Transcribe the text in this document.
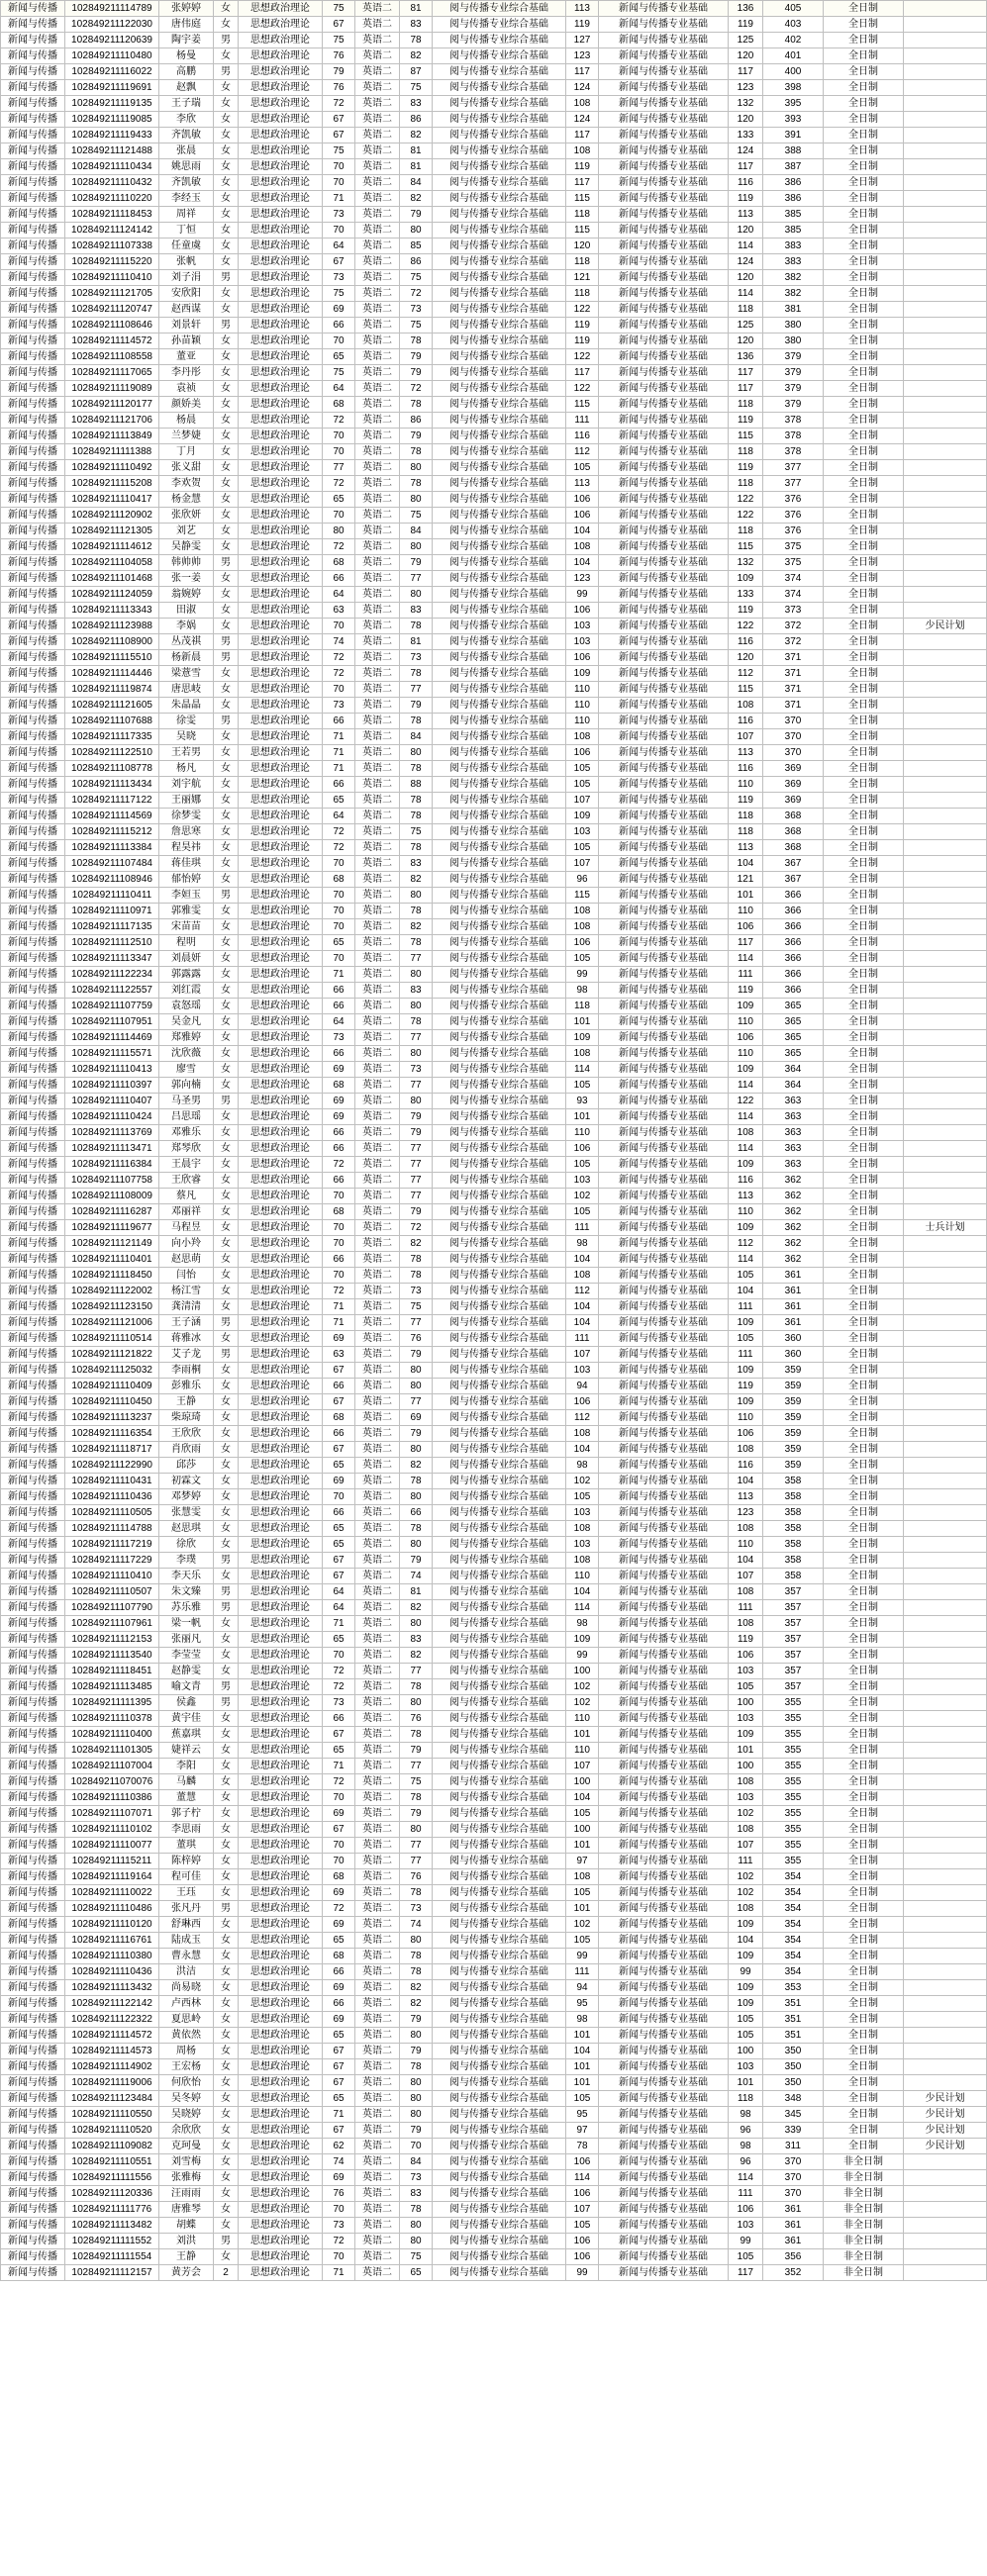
新闻与传播	102849211114789	张婷婷	女	思想政治理论	75	英语二	81	阅与传播专业综合基础	113	新闻与传播专业基础	136	405	全日制	
新闻与传播	102849211122030	唐伟庭	女	思想政治理论	67	英语二	83	阅与传播专业综合基础	119	新闻与传播专业基础	119	403	全日制	
新闻与传播	102849211120639	陶宇姜	男	思想政治理论	75	英语二	78	阅与传播专业综合基础	127	新闻与传播专业基础	125	402	全日制	
新闻与传播	102849211110480	杨曼	女	思想政治理论	76	英语二	82	阅与传播专业综合基础	123	新闻与传播专业基础	120	401	全日制	
新闻与传播	102849211116022	高鹏	男	思想政治理论	79	英语二	87	阅与传播专业综合基础	117	新闻与传播专业基础	117	400	全日制	
新闻与传播	102849211119691	赵飘	女	思想政治理论	76	英语二	75	阅与传播专业综合基础	124	新闻与传播专业基础	123	398	全日制	
新闻与传播	102849211119135	王子瑞	女	思想政治理论	72	英语二	83	阅与传播专业综合基础	108	新闻与传播专业基础	132	395	全日制	
新闻与传播	102849211119085	李欣	女	思想政治理论	67	英语二	86	阅与传播专业综合基础	124	新闻与传播专业基础	120	393	全日制	
新闻与传播	102849211119433	齐凯敏	女	思想政治理论	67	英语二	82	阅与传播专业综合基础	117	新闻与传播专业基础	133	391	全日制	
新闻与传播	102849211121488	张晨	女	思想政治理论	75	英语二	81	阅与传播专业综合基础	108	新闻与传播专业基础	124	388	全日制	
新闻与传播	102849211110434	姚思雨	女	思想政治理论	70	英语二	81	阅与传播专业综合基础	119	新闻与传播专业基础	117	387	全日制	
新闻与传播	102849211110432	齐凯敏	女	思想政治理论	70	英语二	84	阅与传播专业综合基础	117	新闻与传播专业基础	116	386	全日制	
新闻与传播	102849211110220	李经玉	女	思想政治理论	71	英语二	82	阅与传播专业综合基础	115	新闻与传播专业基础	119	386	全日制	
新闻与传播	102849211118453	周祥	女	思想政治理论	73	英语二	79	阅与传播专业综合基础	118	新闻与传播专业基础	113	385	全日制	
新闻与传播	102849211124142	丁恒	女	思想政治理论	70	英语二	80	阅与传播专业综合基础	115	新闻与传播专业基础	120	385	全日制	
新闻与传播	102849211107338	任童虞	女	思想政治理论	64	英语二	85	阅与传播专业综合基础	120	新闻与传播专业基础	114	383	全日制	
新闻与传播	102849211115220	张帆	女	思想政治理论	67	英语二	86	阅与传播专业综合基础	118	新闻与传播专业基础	124	383	全日制	
新闻与传播	102849211110410	刘子涓	男	思想政治理论	73	英语二	75	阅与传播专业综合基础	121	新闻与传播专业基础	120	382	全日制	
新闻与传播	102849211121705	安欣阳	女	思想政治理论	75	英语二	72	阅与传播专业综合基础	118	新闻与传播专业基础	114	382	全日制	
新闻与传播	102849211120747	赵西谋	女	思想政治理论	69	英语二	73	阅与传播专业综合基础	122	新闻与传播专业基础	118	381	全日制	
新闻与传播	102849211108646	刘景轩	男	思想政治理论	66	英语二	75	阅与传播专业综合基础	119	新闻与传播专业基础	125	380	全日制	
新闻与传播	102849211114572	孙苗颖	女	思想政治理论	70	英语二	78	阅与传播专业综合基础	119	新闻与传播专业基础	120	380	全日制	
新闻与传播	102849211108558	董亚	女	思想政治理论	65	英语二	79	阅与传播专业综合基础	122	新闻与传播专业基础	136	379	全日制	
新闻与传播	102849211117065	李丹彤	女	思想政治理论	75	英语二	79	阅与传播专业综合基础	117	新闻与传播专业基础	117	379	全日制	
新闻与传播	102849211119089	袁祯	女	思想政治理论	64	英语二	72	阅与传播专业综合基础	122	新闻与传播专业基础	117	379	全日制	
新闻与传播	102849211120177	颜娇美	女	思想政治理论	68	英语二	78	阅与传播专业综合基础	115	新闻与传播专业基础	118	379	全日制	
新闻与传播	102849211121706	杨晨	女	思想政治理论	72	英语二	86	阅与传播专业综合基础	111	新闻与传播专业基础	119	378	全日制	
新闻与传播	102849211113849	兰梦婕	女	思想政治理论	70	英语二	79	阅与传播专业综合基础	116	新闻与传播专业基础	115	378	全日制	
新闻与传播	102849211111388	丁月	女	思想政治理论	70	英语二	78	阅与传播专业综合基础	112	新闻与传播专业基础	118	378	全日制	
新闻与传播	102849211110492	张义甜	女	思想政治理论	77	英语二	80	阅与传播专业综合基础	105	新闻与传播专业基础	119	377	全日制	
新闻与传播	102849211115208	李欢贺	女	思想政治理论	72	英语二	78	阅与传播专业综合基础	113	新闻与传播专业基础	118	377	全日制	
新闻与传播	102849211110417	杨金慧	女	思想政治理论	65	英语二	80	阅与传播专业综合基础	106	新闻与传播专业基础	122	376	全日制	
新闻与传播	102849211120902	张欣妍	女	思想政治理论	70	英语二	75	阅与传播专业综合基础	106	新闻与传播专业基础	122	376	全日制	
新闻与传播	102849211121305	刘艺	女	思想政治理论	80	英语二	84	阅与传播专业综合基础	104	新闻与传播专业基础	118	376	全日制	
新闻与传播	102849211114612	吴静雯	女	思想政治理论	72	英语二	80	阅与传播专业综合基础	108	新闻与传播专业基础	115	375	全日制	
新闻与传播	102849211104058	韩帅帅	男	思想政治理论	68	英语二	79	阅与传播专业综合基础	104	新闻与传播专业基础	132	375	全日制	
新闻与传播	102849211101468	张一姜	女	思想政治理论	66	英语二	77	阅与传播专业综合基础	123	新闻与传播专业基础	109	374	全日制	
新闻与传播	102849211124059	翁婉婷	女	思想政治理论	64	英语二	80	阅与传播专业综合基础	99	新闻与传播专业基础	133	374	全日制	
新闻与传播	102849211113343	田淑	女	思想政治理论	63	英语二	83	阅与传播专业综合基础	106	新闻与传播专业基础	119	373	全日制	
新闻与传播	102849211123988	李娲	女	思想政治理论	70	英语二	78	阅与传播专业综合基础	103	新闻与传播专业基础	122	372	全日制	少民计划
新闻与传播	102849211108900	丛茂祺	男	思想政治理论	74	英语二	81	阅与传播专业综合基础	103	新闻与传播专业基础	116	372	全日制	
新闻与传播	102849211115510	杨新晨	男	思想政治理论	72	英语二	73	阅与传播专业综合基础	106	新闻与传播专业基础	120	371	全日制	
新闻与传播	102849211114446	梁薏雪	女	思想政治理论	72	英语二	78	阅与传播专业综合基础	109	新闻与传播专业基础	112	371	全日制	
新闻与传播	102849211119874	唐思岐	女	思想政治理论	70	英语二	77	阅与传播专业综合基础	110	新闻与传播专业基础	115	371	全日制	
新闻与传播	102849211121605	朱晶晶	女	思想政治理论	73	英语二	79	阅与传播专业综合基础	110	新闻与传播专业基础	108	371	全日制	
新闻与传播	102849211107688	徐雯	男	思想政治理论	66	英语二	78	阅与传播专业综合基础	110	新闻与传播专业基础	116	370	全日制	
新闻与传播	102849211117335	吴晓	女	思想政治理论	71	英语二	84	阅与传播专业综合基础	108	新闻与传播专业基础	107	370	全日制	
新闻与传播	102849211122510	王若男	女	思想政治理论	71	英语二	80	阅与传播专业综合基础	106	新闻与传播专业基础	113	370	全日制	
新闻与传播	102849211108778	杨凡	女	思想政治理论	71	英语二	78	阅与传播专业综合基础	105	新闻与传播专业基础	116	369	全日制	
新闻与传播	102849211113434	刘宇航	女	思想政治理论	66	英语二	88	阅与传播专业综合基础	105	新闻与传播专业基础	110	369	全日制	
新闻与传播	102849211117122	王丽娜	女	思想政治理论	65	英语二	78	阅与传播专业综合基础	107	新闻与传播专业基础	119	369	全日制	
新闻与传播	102849211114569	徐梦雯	女	思想政治理论	64	英语二	78	阅与传播专业综合基础	109	新闻与传播专业基础	118	368	全日制	
新闻与传播	102849211115212	詹思寒	女	思想政治理论	72	英语二	75	阅与传播专业综合基础	103	新闻与传播专业基础	118	368	全日制	
新闻与传播	102849211113384	程昊祎	女	思想政治理论	72	英语二	78	阅与传播专业综合基础	105	新闻与传播专业基础	113	368	全日制	
新闻与传播	102849211107484	蒋佳琪	女	思想政治理论	70	英语二	83	阅与传播专业综合基础	107	新闻与传播专业基础	104	367	全日制	
新闻与传播	102849211108946	郁怡婷	女	思想政治理论	68	英语二	82	阅与传播专业综合基础	96	新闻与传播专业基础	121	367	全日制	
新闻与传播	102849211110411	李姮玉	男	思想政治理论	70	英语二	80	阅与传播专业综合基础	115	新闻与传播专业基础	101	366	全日制	
新闻与传播	102849211110971	郭雅雯	女	思想政治理论	70	英语二	78	阅与传播专业综合基础	108	新闻与传播专业基础	110	366	全日制	
新闻与传播	102849211117135	宋苗苗	女	思想政治理论	70	英语二	82	阅与传播专业综合基础	108	新闻与传播专业基础	106	366	全日制	
新闻与传播	102849211112510	程明	女	思想政治理论	65	英语二	78	阅与传播专业综合基础	106	新闻与传播专业基础	117	366	全日制	
新闻与传播	102849211113347	刘晨妍	女	思想政治理论	70	英语二	77	阅与传播专业综合基础	105	新闻与传播专业基础	114	366	全日制	
新闻与传播	102849211122234	郭露露	女	思想政治理论	71	英语二	80	阅与传播专业综合基础	99	新闻与传播专业基础	111	366	全日制	
新闻与传播	102849211122557	刘红霞	女	思想政治理论	66	英语二	83	阅与传播专业综合基础	98	新闻与传播专业基础	119	366	全日制	
新闻与传播	102849211107759	袁怒瑶	女	思想政治理论	66	英语二	80	阅与传播专业综合基础	118	新闻与传播专业基础	109	365	全日制	
新闻与传播	102849211107951	吴金凡	女	思想政治理论	64	英语二	78	阅与传播专业综合基础	101	新闻与传播专业基础	110	365	全日制	
新闻与传播	102849211114469	郑雅婷	女	思想政治理论	73	英语二	77	阅与传播专业综合基础	109	新闻与传播专业基础	106	365	全日制	
新闻与传播	102849211115571	沈欣薇	女	思想政治理论	66	英语二	80	阅与传播专业综合基础	108	新闻与传播专业基础	110	365	全日制	
新闻与传播	102849211110413	廖雪	女	思想政治理论	69	英语二	73	阅与传播专业综合基础	114	新闻与传播专业基础	109	364	全日制	
新闻与传播	102849211110397	郭向楠	女	思想政治理论	68	英语二	77	阅与传播专业综合基础	105	新闻与传播专业基础	114	364	全日制	
新闻与传播	102849211110407	马圣男	男	思想政治理论	69	英语二	80	阅与传播专业综合基础	93	新闻与传播专业基础	122	363	全日制	
新闻与传播	102849211110424	吕思瑶	女	思想政治理论	69	英语二	79	阅与传播专业综合基础	101	新闻与传播专业基础	114	363	全日制	
新闻与传播	102849211113769	邓雅乐	女	思想政治理论	66	英语二	79	阅与传播专业综合基础	110	新闻与传播专业基础	108	363	全日制	
新闻与传播	102849211113471	郑琴欣	女	思想政治理论	66	英语二	77	阅与传播专业综合基础	106	新闻与传播专业基础	114	363	全日制	
新闻与传播	102849211116384	王晨宇	女	思想政治理论	72	英语二	77	阅与传播专业综合基础	105	新闻与传播专业基础	109	363	全日制	
新闻与传播	102849211107758	王欣睿	女	思想政治理论	66	英语二	77	阅与传播专业综合基础	103	新闻与传播专业基础	116	362	全日制	
新闻与传播	102849211108009	蔡凡	女	思想政治理论	70	英语二	77	阅与传播专业综合基础	102	新闻与传播专业基础	113	362	全日制	
新闻与传播	102849211116287	邓丽祥	女	思想政治理论	68	英语二	79	阅与传播专业综合基础	105	新闻与传播专业基础	110	362	全日制	
新闻与传播	102849211119677	马程昱	女	思想政治理论	70	英语二	72	阅与传播专业综合基础	111	新闻与传播专业基础	109	362	全日制	士兵计划
新闻与传播	102849211121149	向小羚	女	思想政治理论	70	英语二	82	阅与传播专业综合基础	98	新闻与传播专业基础	112	362	全日制	
新闻与传播	102849211110401	赵思萌	女	思想政治理论	66	英语二	78	阅与传播专业综合基础	104	新闻与传播专业基础	114	362	全日制	
新闻与传播	102849211118450	闫怡	女	思想政治理论	70	英语二	78	阅与传播专业综合基础	108	新闻与传播专业基础	105	361	全日制	
新闻与传播	102849211122002	杨江雪	女	思想政治理论	72	英语二	73	阅与传播专业综合基础	112	新闻与传播专业基础	104	361	全日制	
新闻与传播	102849211123150	龚清清	女	思想政治理论	71	英语二	75	阅与传播专业综合基础	104	新闻与传播专业基础	111	361	全日制	
新闻与传播	102849211121006	王子涵	男	思想政治理论	71	英语二	77	阅与传播专业综合基础	104	新闻与传播专业基础	109	361	全日制	
新闻与传播	102849211110514	蒋雅冰	女	思想政治理论	69	英语二	76	阅与传播专业综合基础	111	新闻与传播专业基础	105	360	全日制	
新闻与传播	102849211121822	艾子龙	男	思想政治理论	63	英语二	79	阅与传播专业综合基础	107	新闻与传播专业基础	111	360	全日制	
新闻与传播	102849211125032	李雨桐	女	思想政治理论	67	英语二	80	阅与传播专业综合基础	103	新闻与传播专业基础	109	359	全日制	
新闻与传播	102849211110409	彭雅乐	女	思想政治理论	66	英语二	80	阅与传播专业综合基础	94	新闻与传播专业基础	119	359	全日制	
新闻与传播	102849211110450	王静	女	思想政治理论	67	英语二	77	阅与传播专业综合基础	106	新闻与传播专业基础	109	359	全日制	
新闻与传播	102849211113237	柴琼琦	女	思想政治理论	68	英语二	69	阅与传播专业综合基础	112	新闻与传播专业基础	110	359	全日制	
新闻与传播	102849211116354	王欣欣	女	思想政治理论	66	英语二	79	阅与传播专业综合基础	108	新闻与传播专业基础	106	359	全日制	
新闻与传播	102849211118717	肖欣雨	女	思想政治理论	67	英语二	80	阅与传播专业综合基础	104	新闻与传播专业基础	108	359	全日制	
新闻与传播	102849211122990	邱莎	女	思想政治理论	65	英语二	82	阅与传播专业综合基础	98	新闻与传播专业基础	116	359	全日制	
新闻与传播	102849211110431	初霖文	女	思想政治理论	69	英语二	78	阅与传播专业综合基础	102	新闻与传播专业基础	104	358	全日制	
新闻与传播	102849211110436	邓梦婷	女	思想政治理论	70	英语二	80	阅与传播专业综合基础	105	新闻与传播专业基础	113	358	全日制	
新闻与传播	102849211110505	张慧雯	女	思想政治理论	66	英语二	66	阅与传播专业综合基础	103	新闻与传播专业基础	123	358	全日制	
新闻与传播	102849211114788	赵思琪	女	思想政治理论	65	英语二	78	阅与传播专业综合基础	108	新闻与传播专业基础	108	358	全日制	
新闻与传播	102849211117219	徐欣	女	思想政治理论	65	英语二	80	阅与传播专业综合基础	103	新闻与传播专业基础	110	358	全日制	
新闻与传播	102849211117229	李璞	男	思想政治理论	67	英语二	79	阅与传播专业综合基础	108	新闻与传播专业基础	104	358	全日制	
新闻与传播	102849211110410	李天乐	女	思想政治理论	67	英语二	74	阅与传播专业综合基础	110	新闻与传播专业基础	107	358	全日制	
新闻与传播	102849211110507	朱文臻	男	思想政治理论	64	英语二	81	阅与传播专业综合基础	104	新闻与传播专业基础	108	357	全日制	
新闻与传播	102849211107790	苏乐雅	男	思想政治理论	64	英语二	82	阅与传播专业综合基础	114	新闻与传播专业基础	111	357	全日制	
新闻与传播	102849211107961	梁一帆	女	思想政治理论	71	英语二	80	阅与传播专业综合基础	98	新闻与传播专业基础	108	357	全日制	
新闻与传播	102849211112153	张丽凡	女	思想政治理论	65	英语二	83	阅与传播专业综合基础	109	新闻与传播专业基础	119	357	全日制	
新闻与传播	102849211113540	李莹莹	女	思想政治理论	70	英语二	82	阅与传播专业综合基础	99	新闻与传播专业基础	106	357	全日制	
新闻与传播	102849211118451	赵静雯	女	思想政治理论	72	英语二	77	阅与传播专业综合基础	100	新闻与传播专业基础	103	357	全日制	
新闻与传播	102849211113485	喻文青	男	思想政治理论	72	英语二	78	阅与传播专业综合基础	102	新闻与传播专业基础	105	357	全日制	
新闻与传播	102849211111395	侯鑫	男	思想政治理论	73	英语二	80	阅与传播专业综合基础	102	新闻与传播专业基础	100	355	全日制	
新闻与传播	102849211110378	黄宇佳	女	思想政治理论	66	英语二	76	阅与传播专业综合基础	110	新闻与传播专业基础	103	355	全日制	
新闻与传播	102849211110400	蕉嘉琪	女	思想政治理论	67	英语二	78	阅与传播专业综合基础	101	新闻与传播专业基础	109	355	全日制	
新闻与传播	102849211101305	婕祥云	女	思想政治理论	65	英语二	79	阅与传播专业综合基础	110	新闻与传播专业基础	101	355	全日制	
新闻与传播	102849211107004	李阳	女	思想政治理论	71	英语二	77	阅与传播专业综合基础	107	新闻与传播专业基础	100	355	全日制	
新闻与传播	102849211070076	马麟	女	思想政治理论	72	英语二	75	阅与传播专业综合基础	100	新闻与传播专业基础	108	355	全日制	
新闻与传播	102849211110386	董慧	女	思想政治理论	70	英语二	78	阅与传播专业综合基础	104	新闻与传播专业基础	103	355	全日制	
新闻与传播	102849211107071	郭子柠	女	思想政治理论	69	英语二	79	阅与传播专业综合基础	105	新闻与传播专业基础	102	355	全日制	
新闻与传播	102849211110102	李思雨	女	思想政治理论	67	英语二	80	阅与传播专业综合基础	100	新闻与传播专业基础	108	355	全日制	
新闻与传播	102849211110077	董琪	女	思想政治理论	70	英语二	77	阅与传播专业综合基础	101	新闻与传播专业基础	107	355	全日制	
新闻与传播	102849211115211	陈梓婷	女	思想政治理论	70	英语二	77	阅与传播专业综合基础	97	新闻与传播专业基础	111	355	全日制	
新闻与传播	102849211119164	程可佳	女	思想政治理论	68	英语二	76	阅与传播专业综合基础	108	新闻与传播专业基础	102	354	全日制	
新闻与传播	102849211110022	王珏	女	思想政治理论	69	英语二	78	阅与传播专业综合基础	105	新闻与传播专业基础	102	354	全日制	
新闻与传播	102849211110486	张凡丹	男	思想政治理论	72	英语二	73	阅与传播专业综合基础	101	新闻与传播专业基础	108	354	全日制	
新闻与传播	102849211110120	舒琳西	女	思想政治理论	69	英语二	74	阅与传播专业综合基础	102	新闻与传播专业基础	109	354	全日制	
新闻与传播	102849211116761	陆成玉	女	思想政治理论	65	英语二	80	阅与传播专业综合基础	105	新闻与传播专业基础	104	354	全日制	
新闻与传播	102849211110380	曹永慧	女	思想政治理论	68	英语二	78	阅与传播专业综合基础	99	新闻与传播专业基础	109	354	全日制	
新闻与传播	102849211110436	洪洁	女	思想政治理论	66	英语二	78	阅与传播专业综合基础	111	新闻与传播专业基础	99	354	全日制	
新闻与传播	102849211113432	尚易晓	女	思想政治理论	69	英语二	82	阅与传播专业综合基础	94	新闻与传播专业基础	109	353	全日制	
新闻与传播	102849211122142	卢西林	女	思想政治理论	66	英语二	82	阅与传播专业综合基础	95	新闻与传播专业基础	109	351	全日制	
新闻与传播	102849211122322	夏思岭	女	思想政治理论	69	英语二	79	阅与传播专业综合基础	98	新闻与传播专业基础	105	351	全日制	
新闻与传播	102849211114572	黄依然	女	思想政治理论	65	英语二	80	阅与传播专业综合基础	101	新闻与传播专业基础	105	351	全日制	
新闻与传播	102849211114573	周杨	女	思想政治理论	67	英语二	79	阅与传播专业综合基础	104	新闻与传播专业基础	100	350	全日制	
新闻与传播	102849211114902	王宏杨	女	思想政治理论	67	英语二	78	阅与传播专业综合基础	101	新闻与传播专业基础	103	350	全日制	
新闻与传播	102849211119006	何欣怡	女	思想政治理论	67	英语二	80	阅与传播专业综合基础	101	新闻与传播专业基础	101	350	全日制	
新闻与传播	102849211123484	吴冬婷	女	思想政治理论	65	英语二	80	阅与传播专业综合基础	105	新闻与传播专业基础	118	348	全日制	少民计划
新闻与传播	102849211110550	吴晓婷	女	思想政治理论	71	英语二	80	阅与传播专业综合基础	95	新闻与传播专业基础	98	345	全日制	少民计划
新闻与传播	102849211110520	余欣欣	女	思想政治理论	67	英语二	79	阅与传播专业综合基础	97	新闻与传播专业基础	96	339	全日制	少民计划
新闻与传播	102849211109082	克珂曼	女	思想政治理论	62	英语二	70	阅与传播专业综合基础	78	新闻与传播专业基础	98	311	全日制	少民计划
新闻与传播	102849211110551	刘雪梅	女	思想政治理论	74	英语二	84	阅与传播专业综合基础	106	新闻与传播专业基础	96	370	非全日制	
新闻与传播	102849211111556	张雅梅	女	思想政治理论	69	英语二	73	阅与传播专业综合基础	114	新闻与传播专业基础	114	370	非全日制	
新闻与传播	102849211120336	汪雨雨	女	思想政治理论	76	英语二	83	阅与传播专业综合基础	106	新闻与传播专业基础	111	370	非全日制	
新闻与传播	102849211111776	唐雅琴	女	思想政治理论	70	英语二	78	阅与传播专业综合基础	107	新闻与传播专业基础	106	361	非全日制	
新闻与传播	102849211113482	胡蝶	女	思想政治理论	73	英语二	80	阅与传播专业综合基础	105	新闻与传播专业基础	103	361	非全日制	
新闻与传播	102849211111552	刘洪	男	思想政治理论	72	英语二	80	阅与传播专业综合基础	106	新闻与传播专业基础	99	361	非全日制	
新闻与传播	102849211111554	王静	女	思想政治理论	70	英语二	75	阅与传播专业综合基础	106	新闻与传播专业基础	105	356	非全日制	
新闻与传播	102849211112157	黄芳会	2	思想政治理论	71	英语二	65	阅与传播专业综合基础	99	新闻与传播专业基础	117	352	非全日制	
